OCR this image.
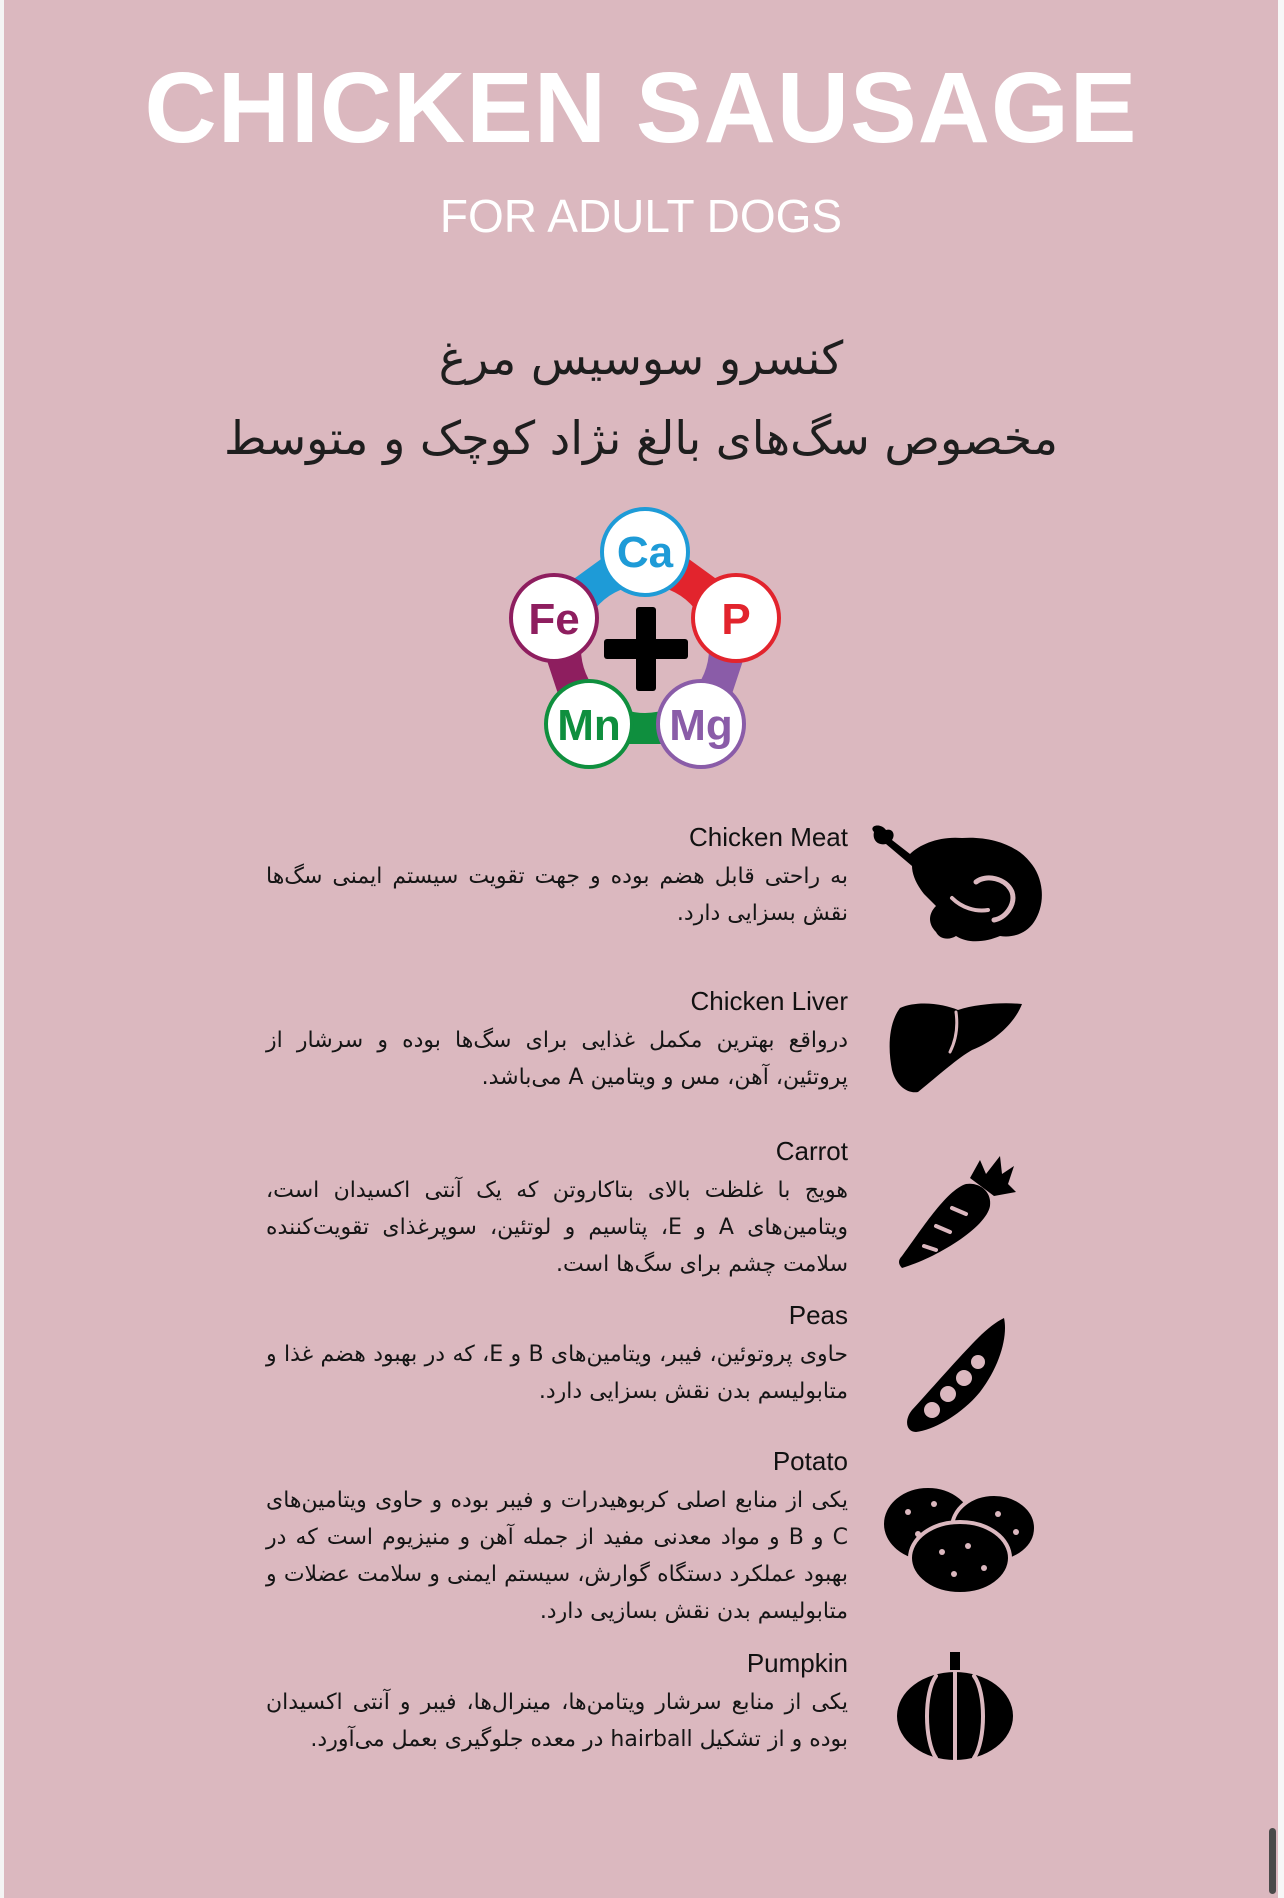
CHICKEN SAUSAGE
FOR ADULT DOGS
کنسرو سوسیس مرغ
مخصوص سگ‌های بالغ نژاد کوچک و متوسط
Ca
P
Mg
Mn
Fe
Chicken Meat
به راحتی قابل هضم بوده و جهت تقویت سیستم ایمنی سگ‌ها نقش بسزایی دارد.
Chicken Liver
درواقع بهترین مکمل غذایی برای سگ‌ها بوده و سرشار از پروتئین، آهن، مس و ویتامین A می‌باشد.
Carrot
هویج با غلظت بالای بتاکاروتن که یک آنتی اکسیدان است، ویتامین‌های A و E، پتاسیم و لوتئین، سوپرغذای تقویت‌کننده سلامت چشم برای سگ‌ها است.
Peas
حاوی پروتوئین، فیبر، ویتامین‌های B و E، که در بهبود هضم غذا و متابولیسم بدن نقش بسزایی دارد.
Potato
یکی از منابع اصلی کربوهیدرات و فیبر بوده و حاوی ویتامین‌های C و B و مواد معدنی مفید از جمله آهن و منیزیوم است که در بهبود عملکرد دستگاه گوارش، سیستم ایمنی و سلامت عضلات و متابولیسم بدن نقش بسازیی دارد.
Pumpkin
یکی از منابع سرشار ویتامن‌ها، مینرال‌ها، فیبر و آنتی اکسیدان بوده و از تشکیل hairball در معده جلوگیری بعمل می‌آورد.
